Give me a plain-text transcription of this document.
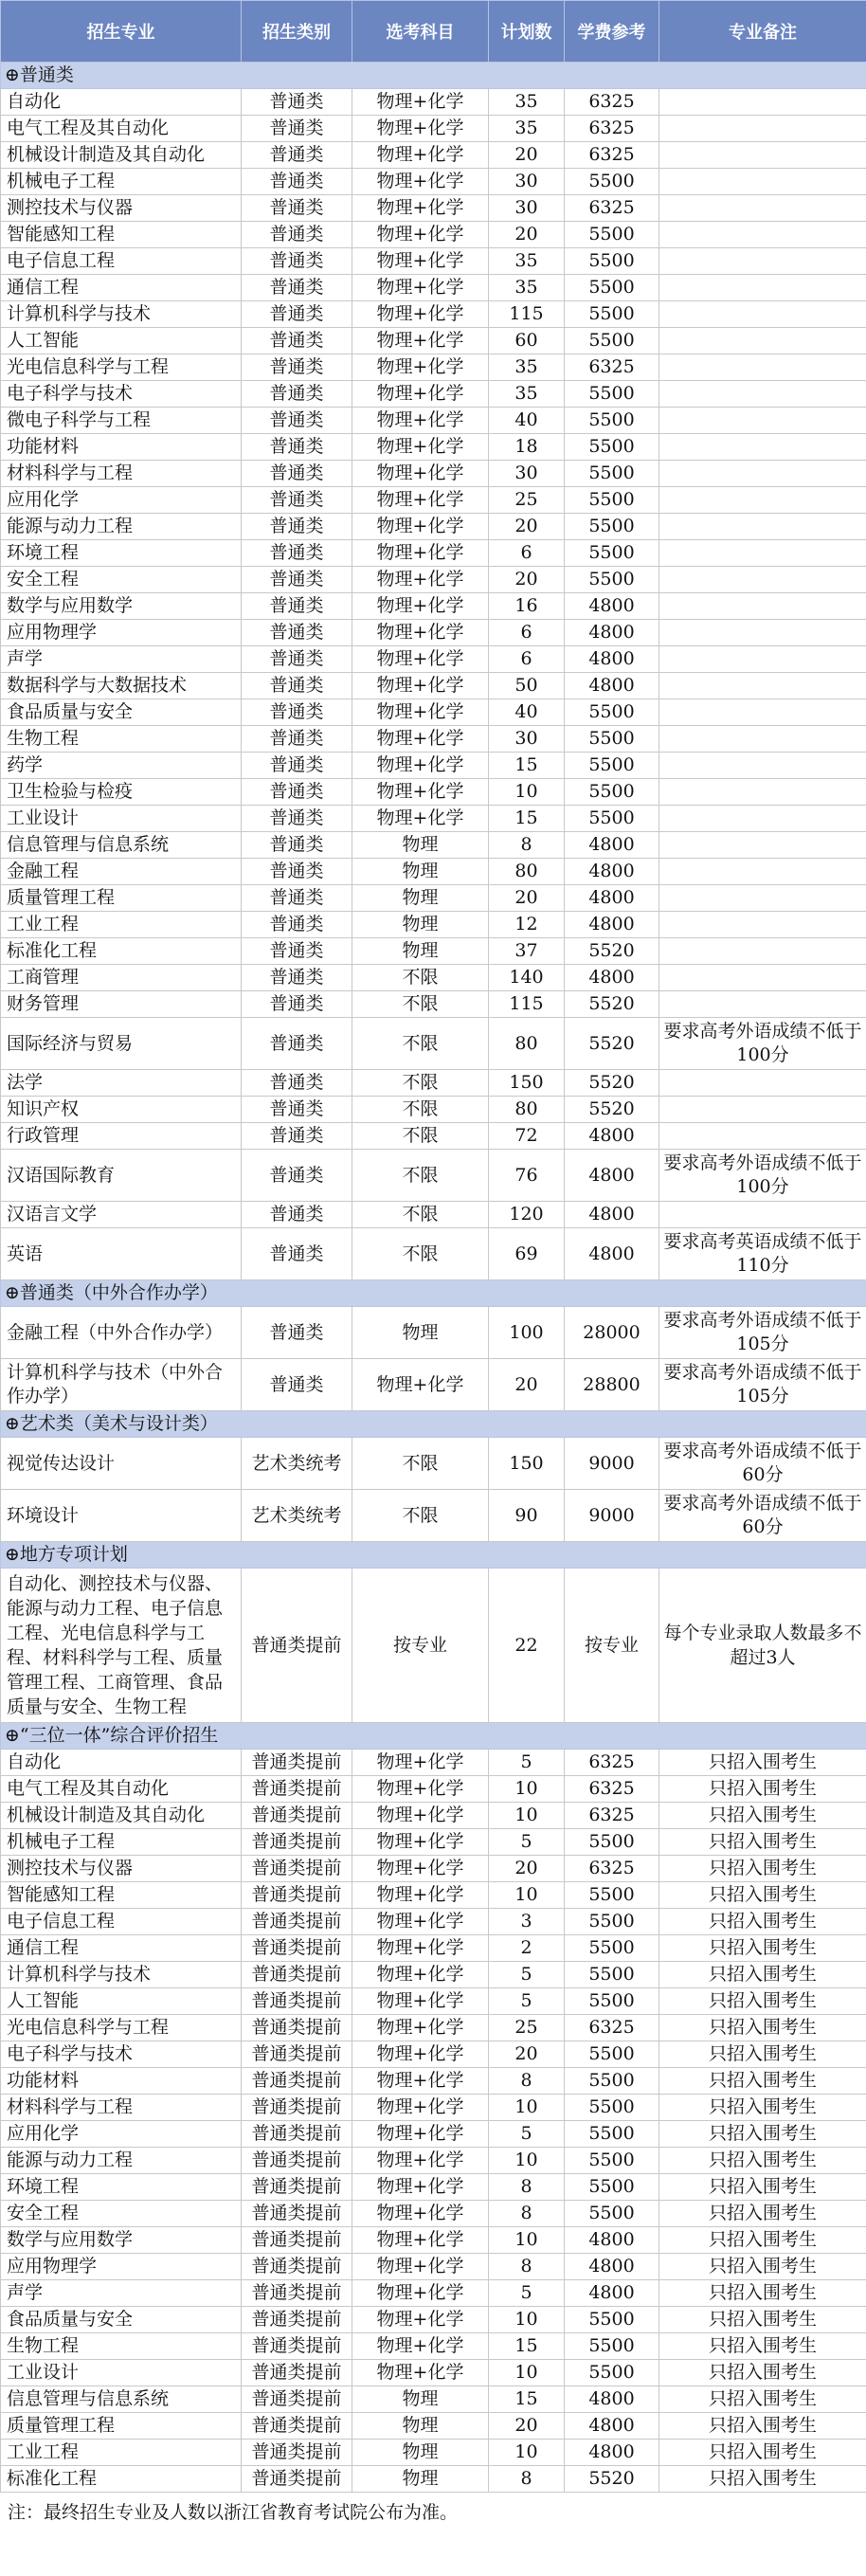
招生专业	招生类别	选考科目	计划数	学费参考	专业备注
⊕普通类					
自动化	普通类	物理+化学	35	6325	
电气工程及其自动化	普通类	物理+化学	35	6325	
机械设计制造及其自动化	普通类	物理+化学	20	6325	
机械电子工程	普通类	物理+化学	30	5500	
测控技术与仪器	普通类	物理+化学	30	6325	
智能感知工程	普通类	物理+化学	20	5500	
电子信息工程	普通类	物理+化学	35	5500	
通信工程	普通类	物理+化学	35	5500	
计算机科学与技术	普通类	物理+化学	115	5500	
人工智能	普通类	物理+化学	60	5500	
光电信息科学与工程	普通类	物理+化学	35	6325	
电子科学与技术	普通类	物理+化学	35	5500	
微电子科学与工程	普通类	物理+化学	40	5500	
功能材料	普通类	物理+化学	18	5500	
材料科学与工程	普通类	物理+化学	30	5500	
应用化学	普通类	物理+化学	25	5500	
能源与动力工程	普通类	物理+化学	20	5500	
环境工程	普通类	物理+化学	6	5500	
安全工程	普通类	物理+化学	20	5500	
数学与应用数学	普通类	物理+化学	16	4800	
应用物理学	普通类	物理+化学	6	4800	
声学	普通类	物理+化学	6	4800	
数据科学与大数据技术	普通类	物理+化学	50	4800	
食品质量与安全	普通类	物理+化学	40	5500	
生物工程	普通类	物理+化学	30	5500	
药学	普通类	物理+化学	15	5500	
卫生检验与检疫	普通类	物理+化学	10	5500	
工业设计	普通类	物理+化学	15	5500	
信息管理与信息系统	普通类	物理	8	4800	
金融工程	普通类	物理	80	4800	
质量管理工程	普通类	物理	20	4800	
工业工程	普通类	物理	12	4800	
标准化工程	普通类	物理	37	5520	
工商管理	普通类	不限	140	4800	
财务管理	普通类	不限	115	5520	
国际经济与贸易	普通类	不限	80	5520	要求高考外语成绩不低于100分
法学	普通类	不限	150	5520	
知识产权	普通类	不限	80	5520	
行政管理	普通类	不限	72	4800	
汉语国际教育	普通类	不限	76	4800	要求高考外语成绩不低于100分
汉语言文学	普通类	不限	120	4800	
英语	普通类	不限	69	4800	要求高考英语成绩不低于110分
⊕普通类（中外合作办学）					
金融工程（中外合作办学）	普通类	物理	100	28000	要求高考外语成绩不低于105分
计算机科学与技术（中外合作办学）	普通类	物理+化学	20	28800	要求高考外语成绩不低于105分
⊕艺术类（美术与设计类）					
视觉传达设计	艺术类统考	不限	150	9000	要求高考外语成绩不低于60分
环境设计	艺术类统考	不限	90	9000	要求高考外语成绩不低于60分
⊕地方专项计划					
自动化、测控技术与仪器、能源与动力工程、电子信息工程、光电信息科学与工程、材料科学与工程、质量管理工程、工商管理、食品质量与安全、生物工程	普通类提前	按专业	22	按专业	每个专业录取人数最多不超过3人
⊕“三位一体”综合评价招生					
自动化	普通类提前	物理+化学	5	6325	只招入围考生
电气工程及其自动化	普通类提前	物理+化学	10	6325	只招入围考生
机械设计制造及其自动化	普通类提前	物理+化学	10	6325	只招入围考生
机械电子工程	普通类提前	物理+化学	5	5500	只招入围考生
测控技术与仪器	普通类提前	物理+化学	20	6325	只招入围考生
智能感知工程	普通类提前	物理+化学	10	5500	只招入围考生
电子信息工程	普通类提前	物理+化学	3	5500	只招入围考生
通信工程	普通类提前	物理+化学	2	5500	只招入围考生
计算机科学与技术	普通类提前	物理+化学	5	5500	只招入围考生
人工智能	普通类提前	物理+化学	5	5500	只招入围考生
光电信息科学与工程	普通类提前	物理+化学	25	6325	只招入围考生
电子科学与技术	普通类提前	物理+化学	20	5500	只招入围考生
功能材料	普通类提前	物理+化学	8	5500	只招入围考生
材料科学与工程	普通类提前	物理+化学	10	5500	只招入围考生
应用化学	普通类提前	物理+化学	5	5500	只招入围考生
能源与动力工程	普通类提前	物理+化学	10	5500	只招入围考生
环境工程	普通类提前	物理+化学	8	5500	只招入围考生
安全工程	普通类提前	物理+化学	8	5500	只招入围考生
数学与应用数学	普通类提前	物理+化学	10	4800	只招入围考生
应用物理学	普通类提前	物理+化学	8	4800	只招入围考生
声学	普通类提前	物理+化学	5	4800	只招入围考生
食品质量与安全	普通类提前	物理+化学	10	5500	只招入围考生
生物工程	普通类提前	物理+化学	15	5500	只招入围考生
工业设计	普通类提前	物理+化学	10	5500	只招入围考生
信息管理与信息系统	普通类提前	物理	15	4800	只招入围考生
质量管理工程	普通类提前	物理	20	4800	只招入围考生
工业工程	普通类提前	物理	10	4800	只招入围考生
标准化工程	普通类提前	物理	8	5520	只招入围考生
注：最终招生专业及人数以浙江省教育考试院公布为准。
